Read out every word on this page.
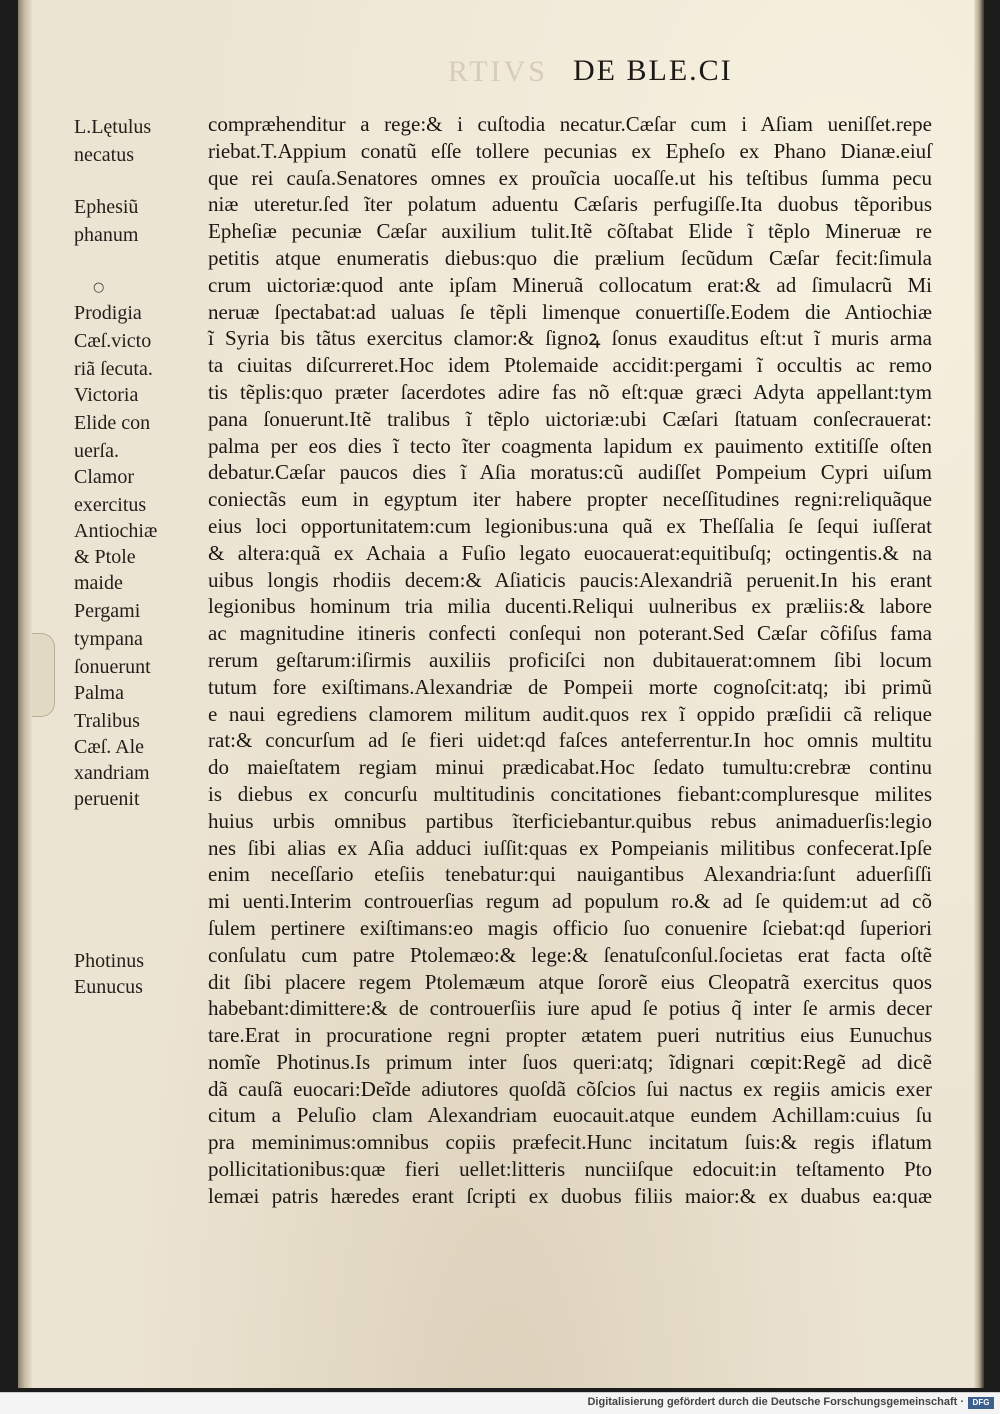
RTIVS DE BLE.CI
○
L.Lętulus
necatus
Ephesiũ
phanum
Prodigia
Cæſ.victo
riã ſecuta.
Victoria
Elide con
uerſa.
Clamor
exercitus
Antiochiæ
& Ptole
maide
Pergami
tympana
ſonuerunt
Palma
Tralibus
Cæſ. Ale
xandriam
peruenit
Photinus
Eunucus
compræhenditur a rege:& i cuſtodia necatur.Cæſar cum i Aſiam ueniſſet.repe
riebat.T.Appium conatũ eſſe tollere pecunias ex Epheſo ex Phano Dianæ.eiuſ
que rei cauſa.Senatores omnes ex prouĩcia uocaſſe.ut his teſtibus ſumma pecu
niæ uteretur.ſed ĩter polatum aduentu Cæſaris perfugiſſe.Ita duobus tẽporibus
Epheſiæ pecuniæ Cæſar auxilium tulit.Itẽ cõſtabat Elide ĩ tẽplo Mineruæ re
petitis atque enumeratis diebus:quo die prælium ſecũdum Cæſar fecit:ſimula
crum uictoriæ:quod ante ipſam Mineruã collocatum erat:& ad ſimulacrũ Mi
neruæ ſpectabat:ad ualuas ſe tẽpli limenque conuertiſſe.Eodem die Antiochiæ
ĩ Syria bis tãtus exercitus clamor:& ſignoꝝ ſonus exauditus eſt:ut ĩ muris arma
ta ciuitas diſcurreret.Hoc idem Ptolemaide accidit:pergami ĩ occultis ac remo
tis tẽplis:quo præter ſacerdotes adire fas nõ eſt:quæ græci Adyta appellant:tym
pana ſonuerunt.Itẽ tralibus ĩ tẽplo uictoriæ:ubi Cæſari ſtatuam conſecrauerat:
palma per eos dies ĩ tecto ĩter coagmenta lapidum ex pauimento extitiſſe oſten
debatur.Cæſar paucos dies ĩ Aſia moratus:cũ audiſſet Pompeium Cypri uiſum
coniectãs eum in egyptum iter habere propter neceſſitudines regni:reliquãque
eius loci opportunitatem:cum legionibus:una quã ex Theſſalia ſe ſequi iuſſerat
& altera:quã ex Achaia a Fuſio legato euocauerat:equitibuſq; octingentis.& na
uibus longis rhodiis decem:& Aſiaticis paucis:Alexandriã peruenit.In his erant
legionibus hominum tria milia ducenti.Reliqui uulneribus ex præliis:& labore
ac magnitudine itineris confecti conſequi non poterant.Sed Cæſar cõfiſus fama
rerum geſtarum:iſirmis auxiliis proficiſci non dubitauerat:omnem ſibi locum
tutum fore exiſtimans.Alexandriæ de Pompeii morte cognoſcit:atq; ibi primũ
e naui egrediens clamorem militum audit.quos rex ĩ oppido præſidii cã relique
rat:& concurſum ad ſe fieri uidet:qd faſces anteferrentur.In hoc omnis multitu
do maieſtatem regiam minui prædicabat.Hoc ſedato tumultu:crebræ continu
is diebus ex concurſu multitudinis concitationes fiebant:compluresque milites
huius urbis omnibus partibus ĩterficiebantur.quibus rebus animaduerſis:legio
nes ſibi alias ex Aſia adduci iuſſit:quas ex Pompeianis militibus confecerat.Ipſe
enim neceſſario eteſiis tenebatur:qui nauigantibus Alexandria:ſunt aduerſiſſi
mi uenti.Interim controuerſias regum ad populum ro.& ad ſe quidem:ut ad cõ
ſulem pertinere exiſtimans:eo magis officio ſuo conuenire ſciebat:qd ſuperiori
conſulatu cum patre Ptolemæo:& lege:& ſenatuſconſul.ſocietas erat facta oſtẽ
dit ſibi placere regem Ptolemæum atque ſororẽ eius Cleopatrã exercitus quos
habebant:dimittere:& de controuerſiis iure apud ſe potius q̃ inter ſe armis decer
tare.Erat in procuratione regni propter ætatem pueri nutritius eius Eunuchus
nomĩe Photinus.Is primum inter ſuos queri:atq; ĩdignari cœpit:Regẽ ad dicẽ
dã cauſã euocari:Deĩde adiutores quoſdã cõſcios ſui nactus ex regiis amicis exer
citum a Peluſio clam Alexandriam euocauit.atque eundem Achillam:cuius ſu
pra meminimus:omnibus copiis præfecit.Hunc incitatum ſuis:& regis iflatum
pollicitationibus:quæ fieri uellet:litteris nunciiſque edocuit:in teſtamento Pto
lemæi patris hæredes erant ſcripti ex duobus filiis maior:& ex duabus ea:quæ
Digitalisierung gefördert durch die Deutsche Forschungsgemeinschaft ·	DFG
